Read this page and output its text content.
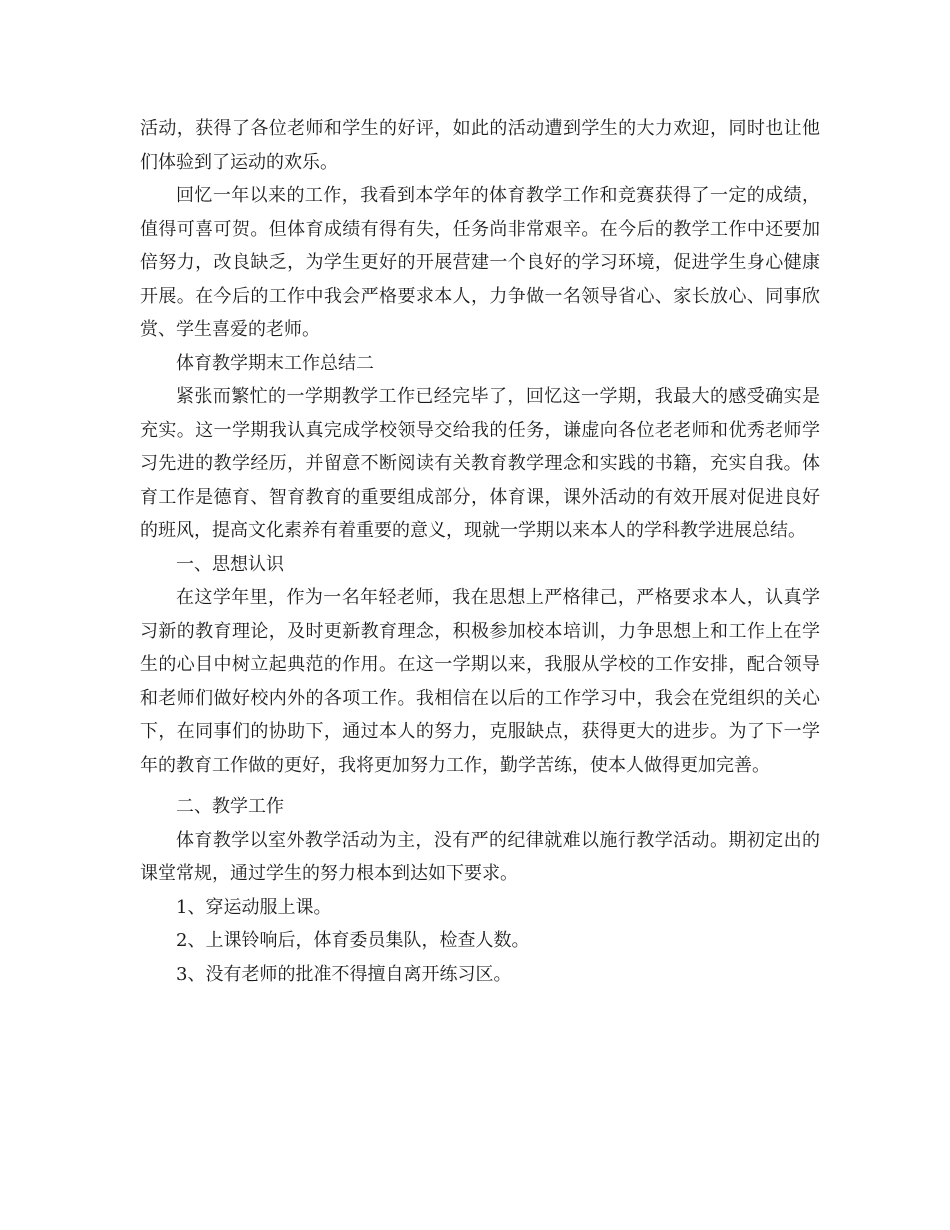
活动，获得了各位老师和学生的好评，如此的活动遭到学生的大力欢迎，同时也让他们体验到了运动的欢乐。

回忆一年以来的工作，我看到本学年的体育教学工作和竞赛获得了一定的成绩，值得可喜可贺。但体育成绩有得有失，任务尚非常艰辛。在今后的教学工作中还要加倍努力，改良缺乏，为学生更好的开展营建一个良好的学习环境，促进学生身心健康开展。在今后的工作中我会严格要求本人，力争做一名领导省心、家长放心、同事欣赏、学生喜爱的老师。

体育教学期末工作总结二

紧张而繁忙的一学期教学工作已经完毕了，回忆这一学期，我最大的感受确实是充实。这一学期我认真完成学校领导交给我的任务，谦虚向各位老老师和优秀老师学习先进的教学经历，并留意不断阅读有关教育教学理念和实践的书籍，充实自我。体育工作是德育、智育教育的重要组成部分，体育课，课外活动的有效开展对促进良好的班风，提高文化素养有着重要的意义，现就一学期以来本人的学科教学进展总结。

一、思想认识

在这学年里，作为一名年轻老师，我在思想上严格律己，严格要求本人，认真学习新的教育理论，及时更新教育理念，积极参加校本培训，力争思想上和工作上在学生的心目中树立起典范的作用。在这一学期以来，我服从学校的工作安排，配合领导和老师们做好校内外的各项工作。我相信在以后的工作学习中，我会在党组织的关心下，在同事们的协助下，通过本人的努力，克服缺点，获得更大的进步。为了下一学年的教育工作做的更好，我将更加努力工作，勤学苦练，使本人做得更加完善。

二、教学工作

体育教学以室外教学活动为主，没有严的纪律就难以施行教学活动。期初定出的课堂常规，通过学生的努力根本到达如下要求。

1、穿运动服上课。

2、上课铃响后，体育委员集队，检查人数。

3、没有老师的批准不得擅自离开练习区。
